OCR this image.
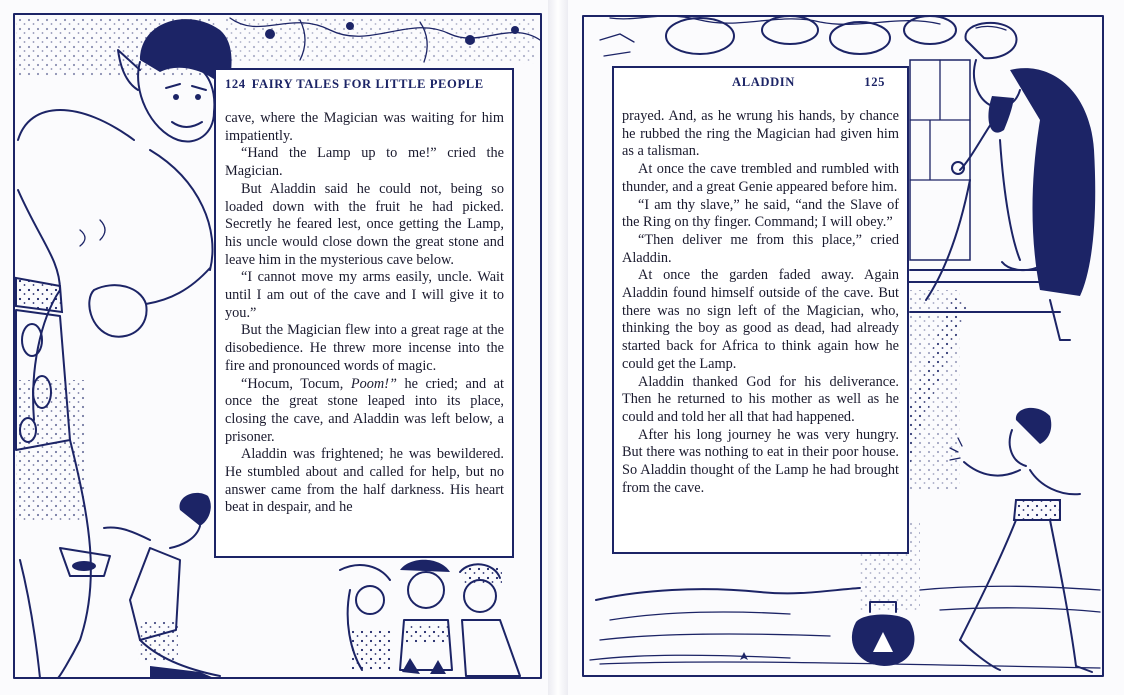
124 FAIRY TALES FOR LITTLE PEOPLE

cave, where the Magician was waiting for him impatiently.

“Hand the Lamp up to me!” cried the Magician.

But Aladdin said he could not, being so loaded down with the fruit he had picked. Secretly he feared lest, once getting the Lamp, his uncle would close down the great stone and leave him in the mysterious cave below.

“I cannot move my arms easily, uncle. Wait until I am out of the cave and I will give it to you.”

But the Magician flew into a great rage at the disobedience. He threw more incense into the fire and pronounced words of magic.

“Hocum, Tocum, Poom!” he cried; and at once the great stone leaped into its place, closing the cave, and Aladdin was left below, a prisoner.

Aladdin was frightened; he was bewildered. He stumbled about and called for help, but no answer came from the half darkness. His heart beat in despair, and he

ALADDIN	125

prayed. And, as he wrung his hands, by chance he rubbed the ring the Magician had given him as a talisman.

At once the cave trembled and rumbled with thunder, and a great Genie appeared before him.

“I am thy slave,” he said, “and the Slave of the Ring on thy finger. Command; I will obey.”

“Then deliver me from this place,” cried Aladdin.

At once the garden faded away. Again Aladdin found himself outside of the cave. But there was no sign left of the Magician, who, thinking the boy as good as dead, had already started back for Africa to think again how he could get the Lamp.

Aladdin thanked God for his deliverance. Then he returned to his mother as well as he could and told her all that had happened.

After his long journey he was very hungry. But there was nothing to eat in their poor house. So Aladdin thought of the Lamp he had brought from the cave.
